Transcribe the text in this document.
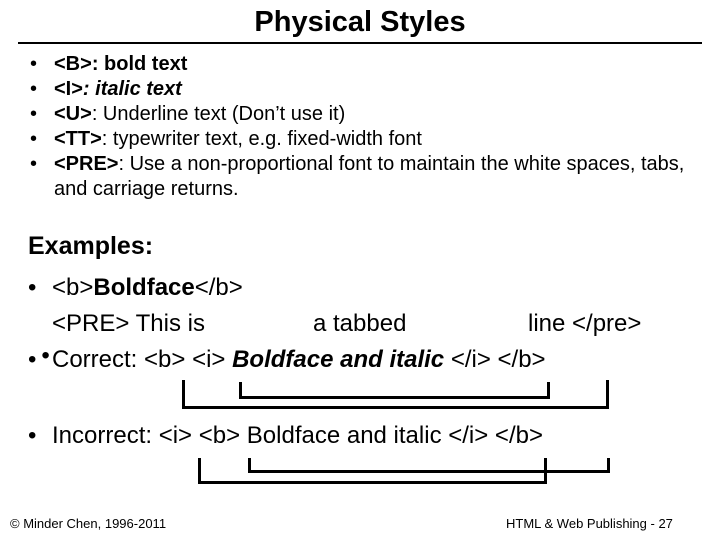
Physical Styles
• <B>: bold text
• <I>: italic text
• <U>: Underline text (Don’t use it)
• <TT>: typewriter text, e.g. fixed-width font
• <PRE>: Use a non-proportional font to maintain the white spaces, tabs, and carriage returns.
Examples:
• <b>Boldface</b>

•

<PRE> This is

	a tabbed

	line </pre>

• Correct: <b> <i> Boldface and italic </i> </b>
• Incorrect: <i> <b> Boldface and italic </i> </b>
© Minder Chen, 1996-2011	HTML & Web Publishing - 27
